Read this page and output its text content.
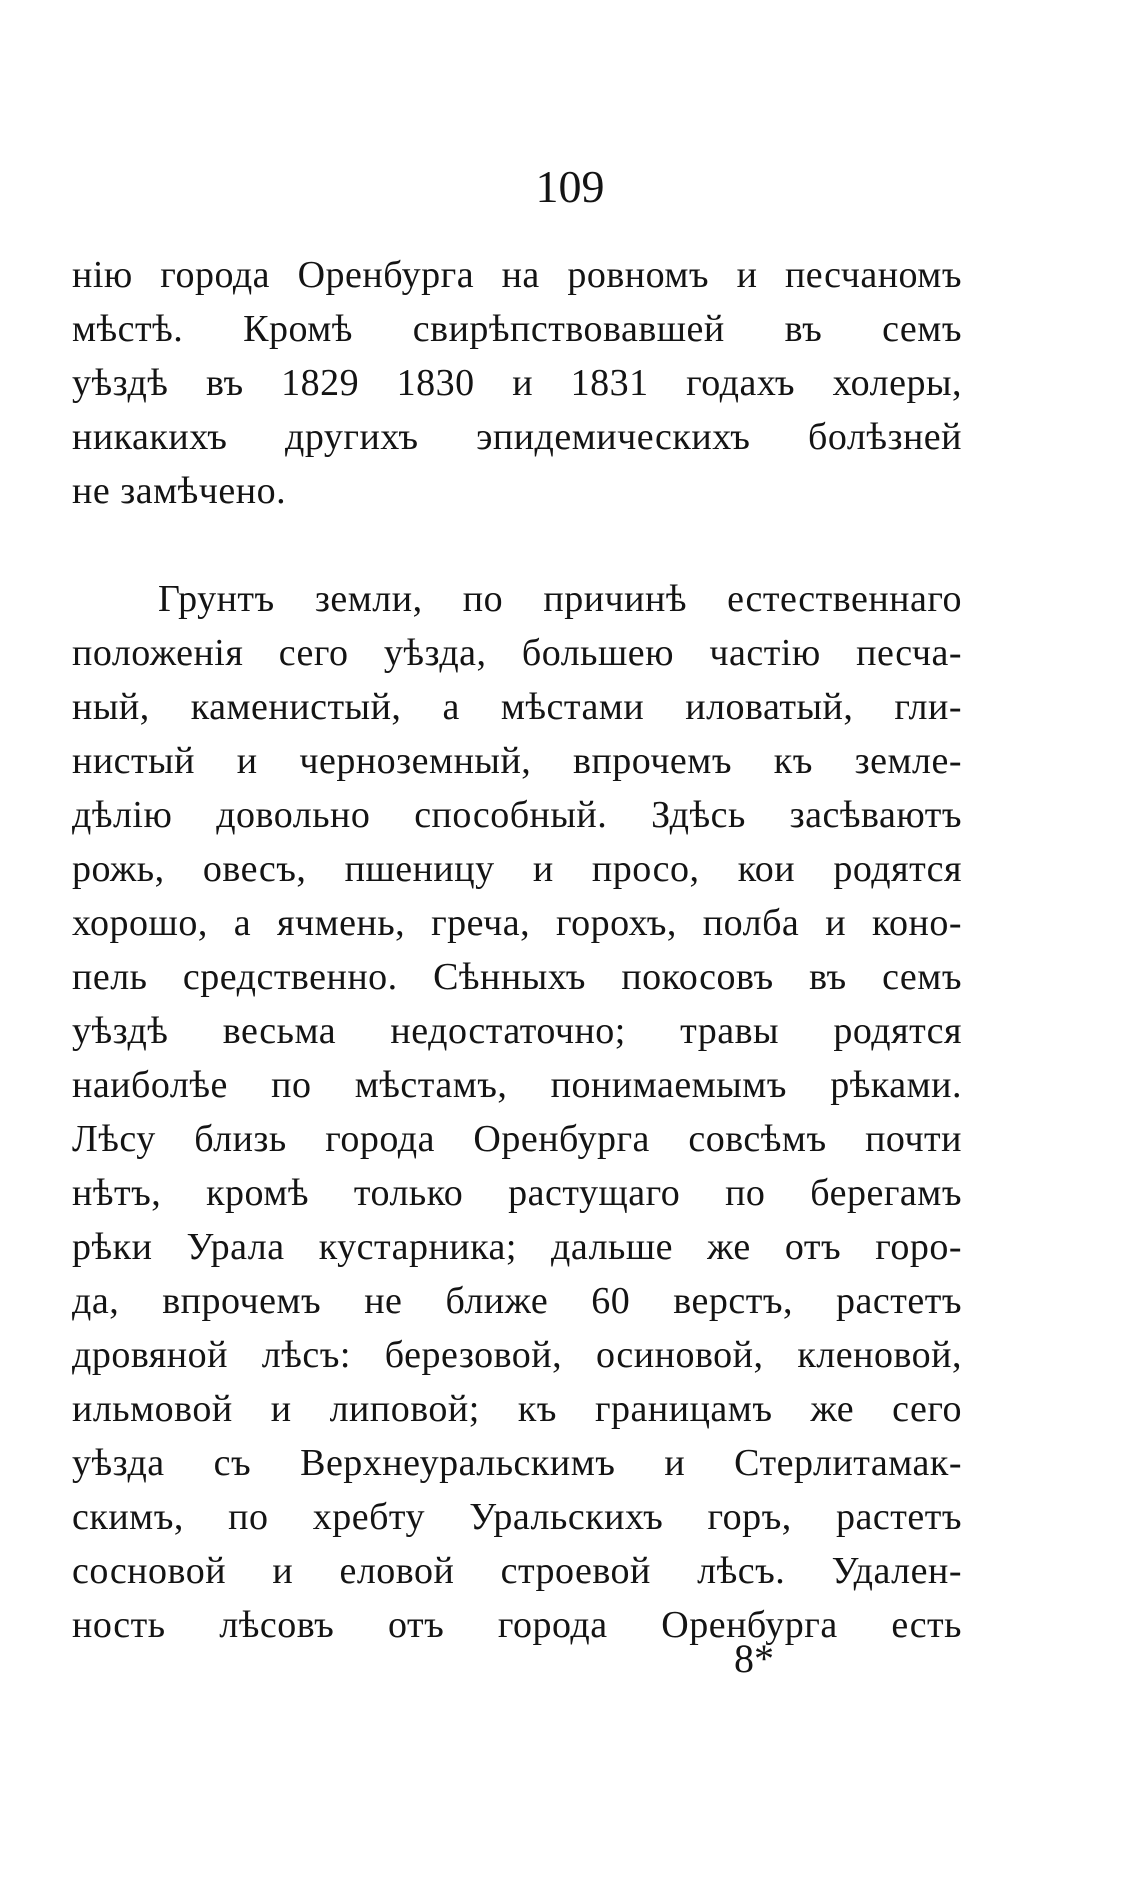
109
нію города Оренбурга на ровномъ и песчаномъ
мѣстѣ. Кромѣ свирѣпствовавшей въ семъ
уѣздѣ въ 1829 1830 и 1831 годахъ холеры,
никакихъ другихъ эпидемическихъ болѣзней
не замѣчено.
Грунтъ земли, по причинѣ естественнаго
положенія сего уѣзда, большею частію песча-
ный, каменистый, а мѣстами иловатый, гли-
нистый и черноземный, впрочемъ къ земле-
дѣлію довольно способный. Здѣсь засѣваютъ
рожь, овесъ, пшеницу и просо, кои родятся
хорошо, а ячмень, греча, горохъ, полба и коно-
пель средственно. Сѣнныхъ покосовъ въ семъ
уѣздѣ весьма недостаточно; травы родятся
наиболѣе по мѣстамъ, понимаемымъ рѣками.
Лѣсу близь города Оренбурга совсѣмъ почти
нѣтъ, кромѣ только растущаго по берегамъ
рѣки Урала кустарника; дальше же отъ горо-
да, впрочемъ не ближе 60 верстъ, растетъ
дровяной лѣсъ: березовой, осиновой, кленовой,
ильмовой и липовой; къ границамъ же сего
уѣзда съ Верхнеуральскимъ и Стерлитамак-
скимъ, по хребту Уральскихъ горъ, растетъ
сосновой и еловой строевой лѣсъ. Удален-
ность лѣсовъ отъ города Оренбурга есть
8*
